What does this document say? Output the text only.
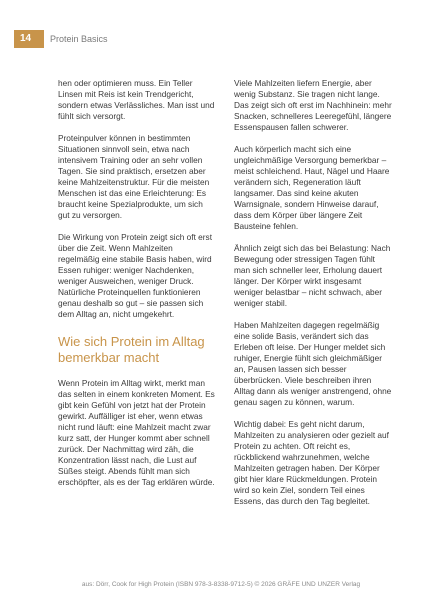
14	Protein Basics

hen oder optimieren muss. Ein Teller Linsen mit Reis ist kein Trendgericht, sondern etwas Verlässliches. Man isst und fühlt sich versorgt.

Proteinpulver können in bestimmten Situationen sinnvoll sein, etwa nach intensivem Training oder an sehr vollen Tagen. Sie sind praktisch, ersetzen aber keine Mahlzeitenstruktur. Für die meisten Menschen ist das eine Erleichterung: Es braucht keine Spezialprodukte, um sich gut zu versorgen.

Die Wirkung von Protein zeigt sich oft erst über die Zeit. Wenn Mahlzeiten regelmäßig eine stabile Basis haben, wird Essen ruhiger: weniger Nachdenken, weniger Ausweichen, weniger Druck. Natürliche Proteinquellen funktionieren genau deshalb so gut – sie passen sich dem Alltag an, nicht umgekehrt.

Wie sich Protein im Alltag bemerkbar macht

Wenn Protein im Alltag wirkt, merkt man das selten in einem konkreten Moment. Es gibt kein Gefühl von jetzt hat der Protein gewirkt. Auffälliger ist eher, wenn etwas nicht rund läuft: eine Mahlzeit macht zwar kurz satt, der Hunger kommt aber schnell zurück. Der Nachmittag wird zäh, die Konzentration lässt nach, die Lust auf Süßes steigt. Abends fühlt man sich erschöpfter, als es der Tag erklären würde.

Viele Mahlzeiten liefern Energie, aber wenig Substanz. Sie tragen nicht lange. Das zeigt sich oft erst im Nachhinein: mehr Snacken, schnelleres Leeregefühl, längere Essenspausen fallen schwerer.

Auch körperlich macht sich eine ungleichmäßige Versorgung bemerkbar – meist schleichend. Haut, Nägel und Haare verändern sich, Regeneration läuft langsamer. Das sind keine akuten Warnsignale, sondern Hinweise darauf, dass dem Körper über längere Zeit Bausteine fehlen.

Ähnlich zeigt sich das bei Belastung: Nach Bewegung oder stressigen Tagen fühlt man sich schneller leer, Erholung dauert länger. Der Körper wirkt insgesamt weniger belastbar – nicht schwach, aber weniger stabil.

Haben Mahlzeiten dagegen regelmäßig eine solide Basis, verändert sich das Erleben oft leise. Der Hunger meldet sich ruhiger, Energie fühlt sich gleichmäßiger an, Pausen lassen sich besser überbrücken. Viele beschreiben ihren Alltag dann als weniger anstrengend, ohne genau sagen zu können, warum.

Wichtig dabei: Es geht nicht darum, Mahlzeiten zu analysieren oder gezielt auf Protein zu achten. Oft reicht es, rückblickend wahrzunehmen, welche Mahlzeiten getragen haben. Der Körper gibt hier klare Rückmeldungen. Protein wird so kein Ziel, sondern Teil eines Essens, das durch den Tag begleitet.

aus: Dörr, Cook for High Protein (ISBN 978-3-8338-9712-5) © 2026 GRÄFE UND UNZER Verlag
